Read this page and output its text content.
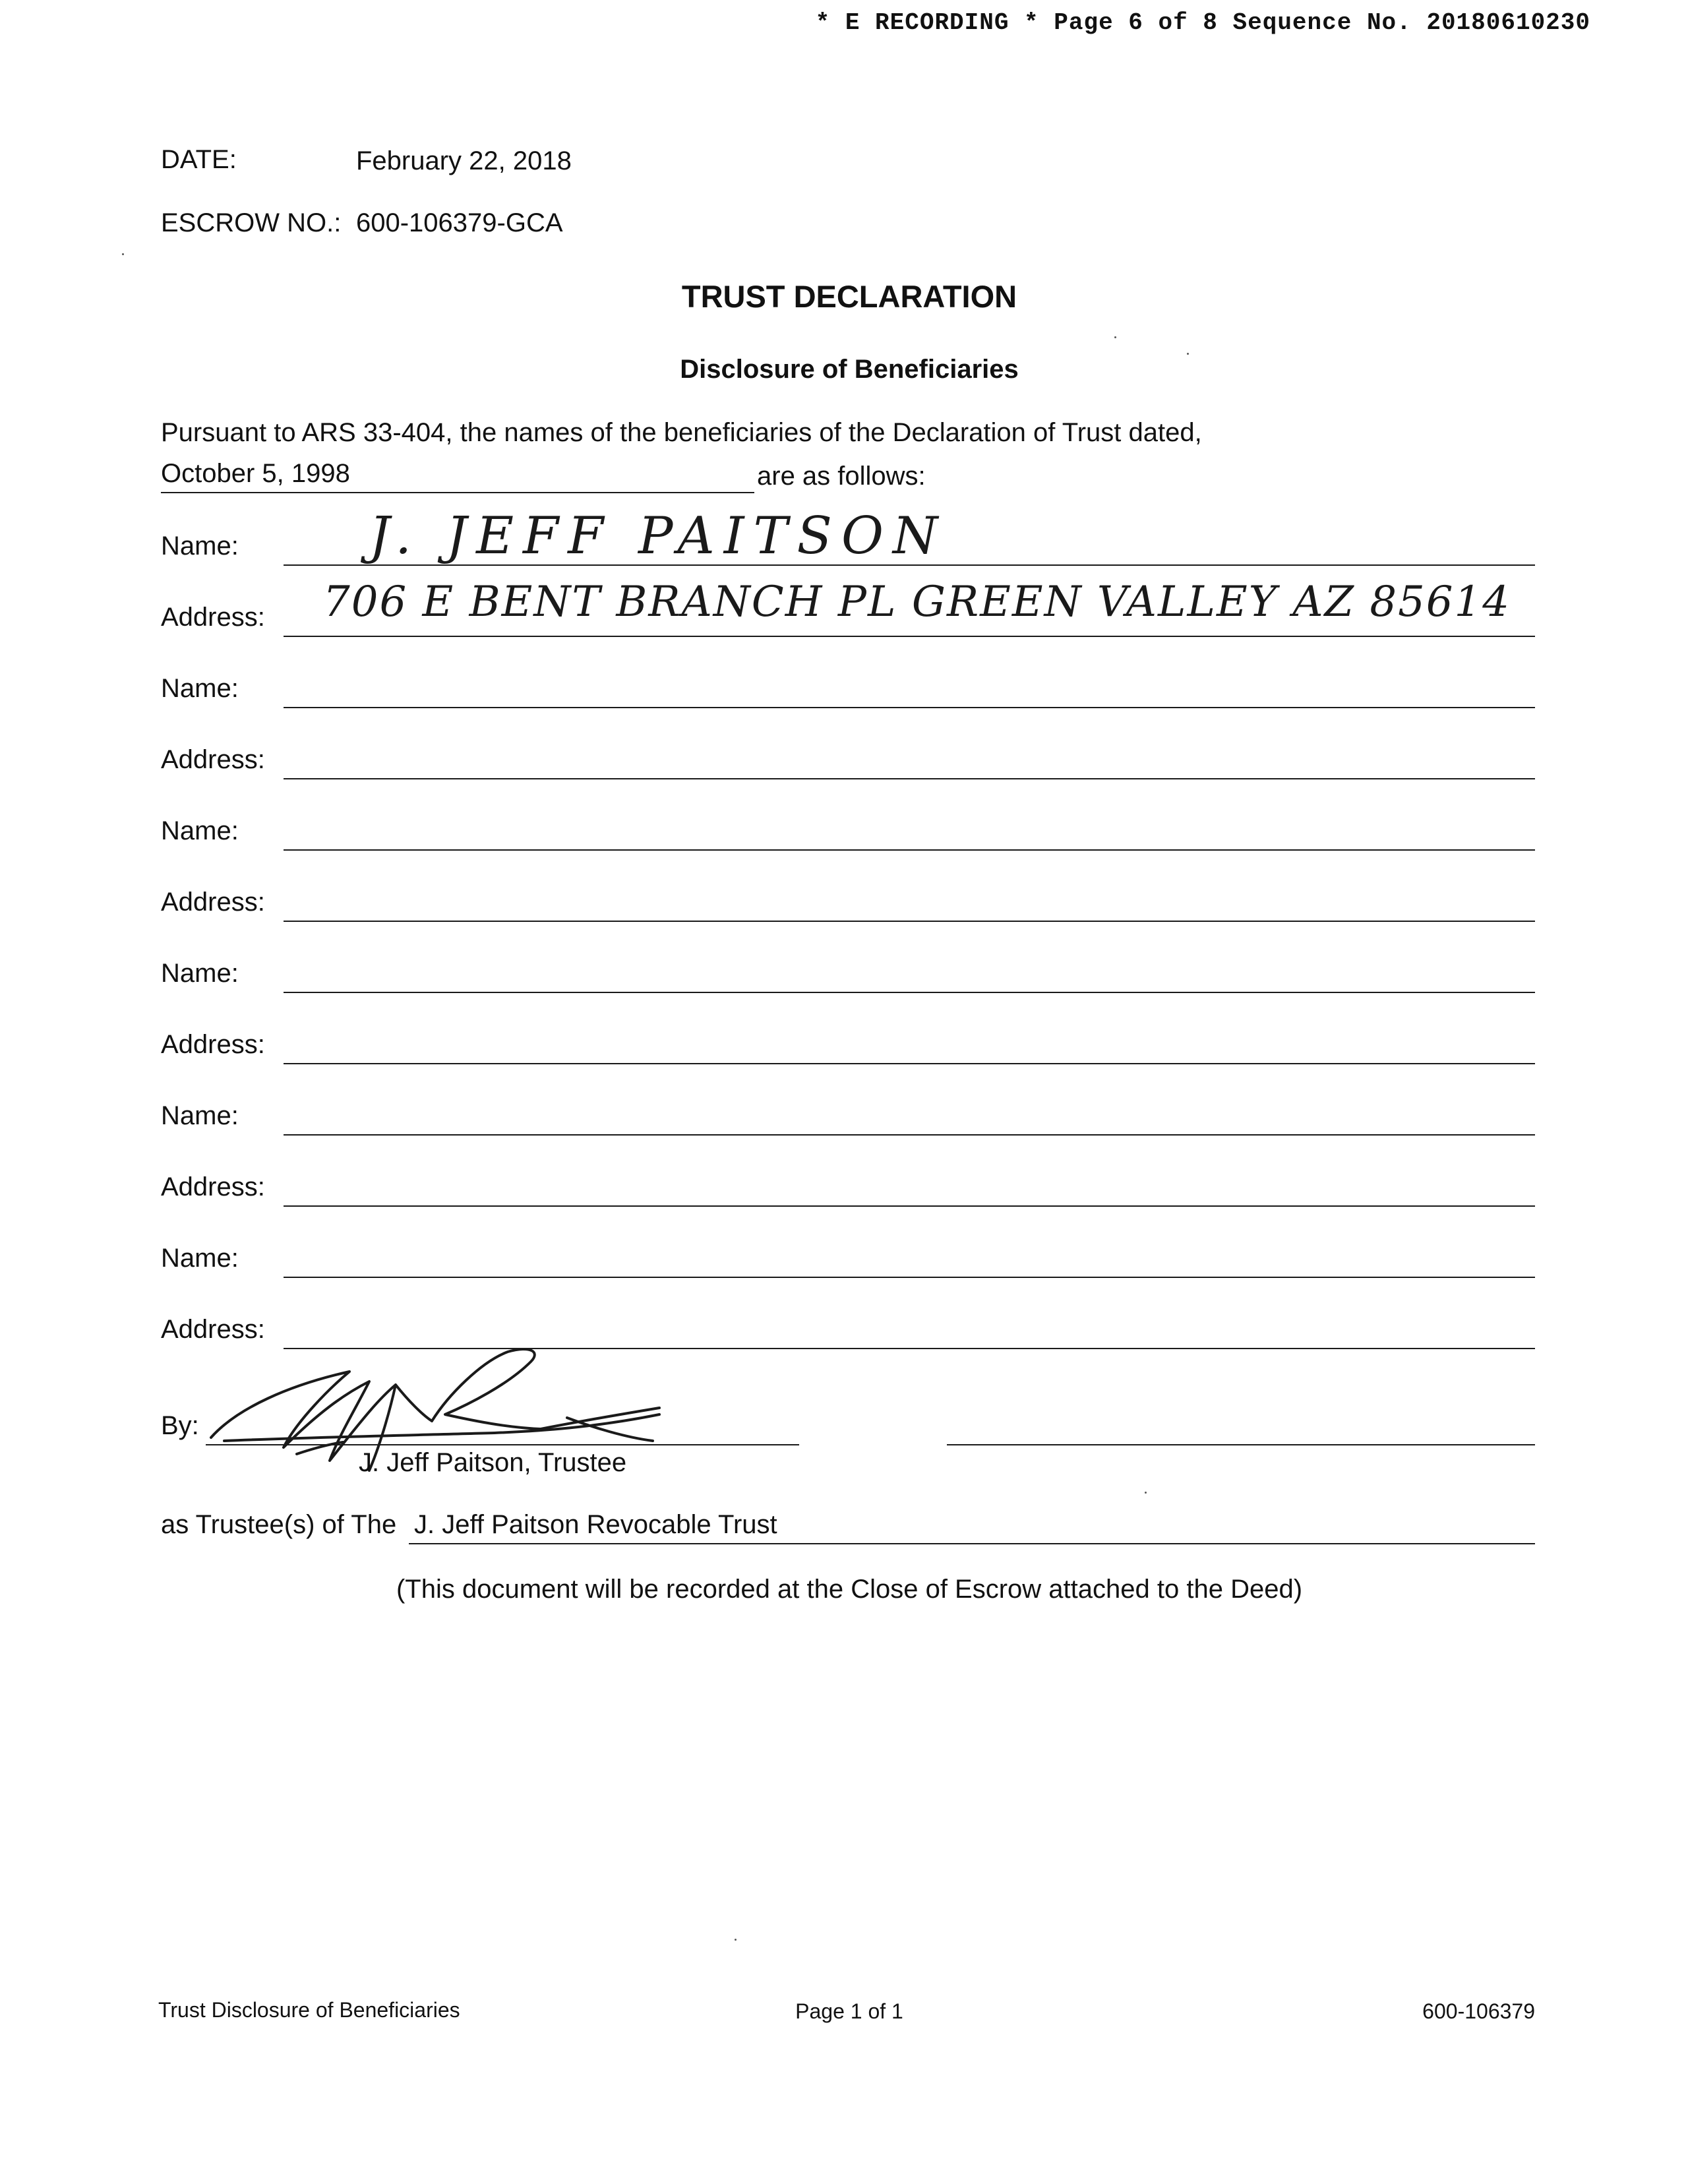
* E RECORDING * Page 6 of 8 Sequence No. 20180610230
DATE:	February 22, 2018
ESCROW NO.: 600-106379-GCA
TRUST DECLARATION
Disclosure of Beneficiaries
Pursuant to ARS 33-404, the names of the beneficiaries of the Declaration of Trust dated,
October 5, 1998	are as follows:
Name:	J. JEFF PAITSON
Address: 706 E BENT BRANCH PL GREEN VALLEY AZ 85614
Name:
Address:
Name:
Address:
Name:
Address:
Name:
Address:
Name:
Address:
By:
J. Jeff Paitson, Trustee
as Trustee(s) of The J. Jeff Paitson Revocable Trust
(This document will be recorded at the Close of Escrow attached to the Deed)
Trust Disclosure of Beneficiaries	Page 1 of 1	600-106379
